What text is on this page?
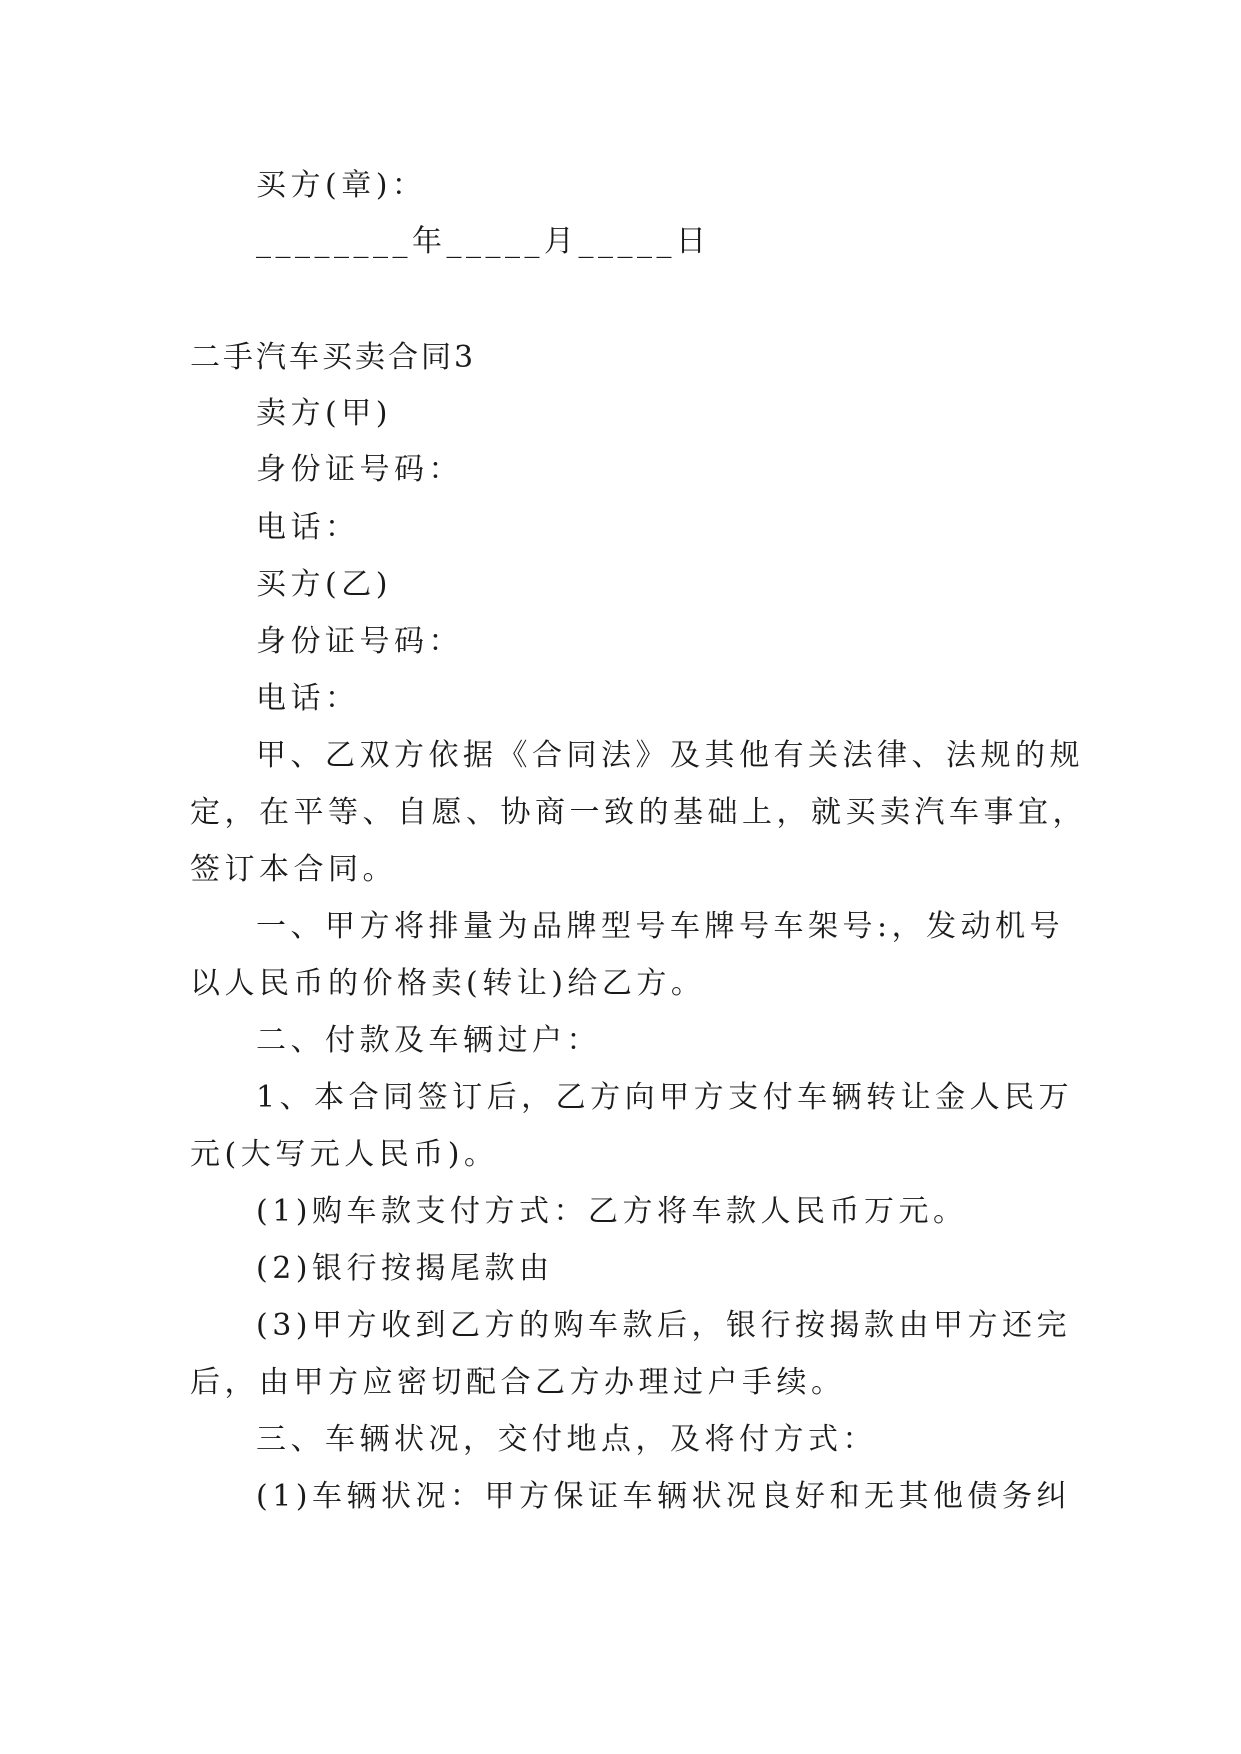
买方(章)：
________年_____月_____日
二手汽车买卖合同3
卖方(甲)
身份证号码：
电话：
买方(乙)
身份证号码：
电话：
甲、乙双方依据《合同法》及其他有关法律、法规的规
定，在平等、自愿、协商一致的基础上，就买卖汽车事宜，
签订本合同。
一、甲方将排量为品牌型号车牌号车架号:，发动机号
以人民币的价格卖(转让)给乙方。
二、付款及车辆过户：
1、本合同签订后，乙方向甲方支付车辆转让金人民万
元(大写元人民币)。
(1)购车款支付方式：乙方将车款人民币万元。
(2)银行按揭尾款由
(3)甲方收到乙方的购车款后，银行按揭款由甲方还完
后，由甲方应密切配合乙方办理过户手续。
三、车辆状况，交付地点，及将付方式：
(1)车辆状况：甲方保证车辆状况良好和无其他债务纠
